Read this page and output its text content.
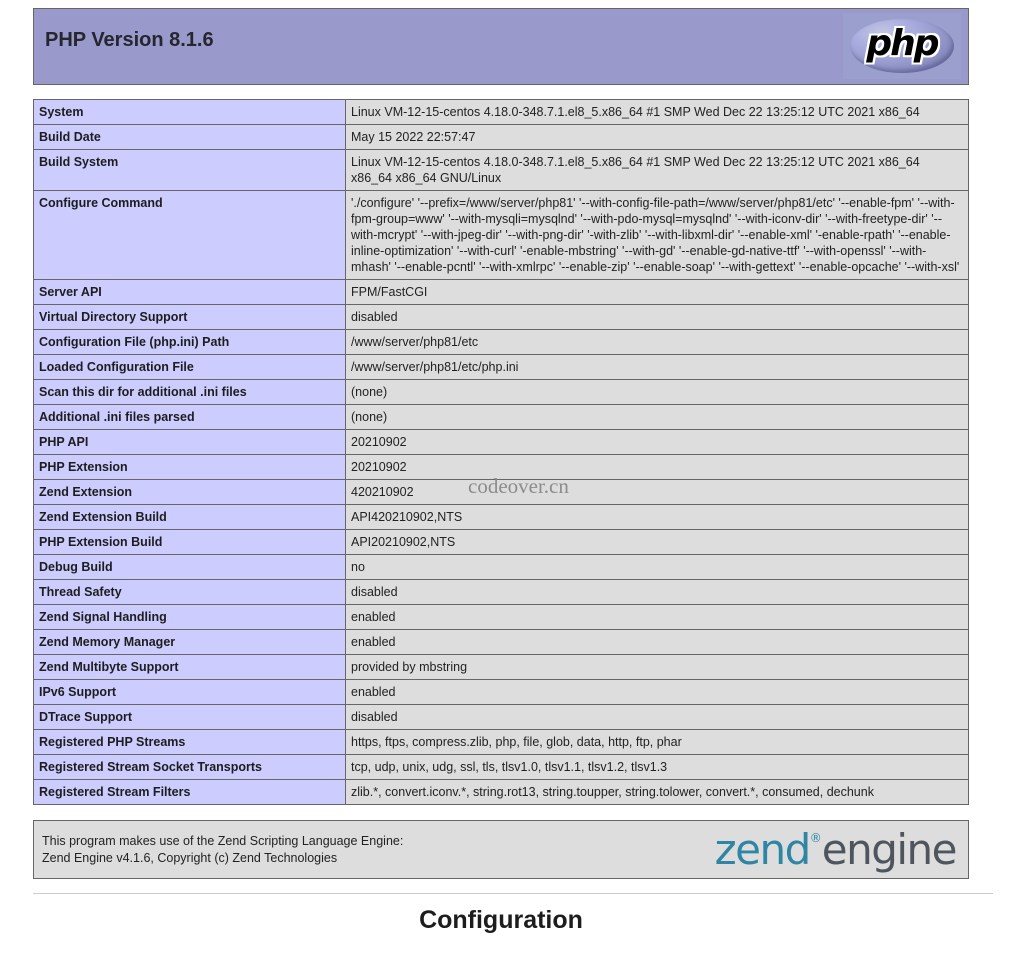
php
PHP Version 8.1.6
System	Linux VM-12-15-centos 4.18.0-348.7.1.el8_5.x86_64 #1 SMP Wed Dec 22 13:25:12 UTC 2021 x86_64
Build Date	May 15 2022 22:57:47
Build System	Linux VM-12-15-centos 4.18.0-348.7.1.el8_5.x86_64 #1 SMP Wed Dec 22 13:25:12 UTC 2021 x86_64 x86_64 x86_64 GNU/Linux
Configure Command	'./configure' '--prefix=/www/server/php81' '--with-config-file-path=/www/server/php81/etc' '--enable-fpm' '--with-fpm-group=www' '--with-mysqli=mysqlnd' '--with-pdo-mysql=mysqlnd' '--with-iconv-dir' '--with-freetype-dir' '--with-mcrypt' '--with-jpeg-dir' '--with-png-dir' '-with-zlib' '--with-libxml-dir' '--enable-xml' '-enable-rpath' '--enable-inline-optimization' '--with-curl' '-enable-mbstring' '--with-gd' '--enable-gd-native-ttf' '--with-openssl' '--with-mhash' '--enable-pcntl' '--with-xmlrpc' '--enable-zip' '--enable-soap' '--with-gettext' '--enable-opcache' '--with-xsl'
Server API	FPM/FastCGI
Virtual Directory Support	disabled
Configuration File (php.ini) Path	/www/server/php81/etc
Loaded Configuration File	/www/server/php81/etc/php.ini
Scan this dir for additional .ini files	(none)
Additional .ini files parsed	(none)
PHP API	20210902
PHP Extension	20210902
Zend Extension	420210902
Zend Extension Build	API420210902,NTS
PHP Extension Build	API20210902,NTS
Debug Build	no
Thread Safety	disabled
Zend Signal Handling	enabled
Zend Memory Manager	enabled
Zend Multibyte Support	provided by mbstring
IPv6 Support	enabled
DTrace Support	disabled
Registered PHP Streams	https, ftps, compress.zlib, php, file, glob, data, http, ftp, phar
Registered Stream Socket Transports	tcp, udp, unix, udg, ssl, tls, tlsv1.0, tlsv1.1, tlsv1.2, tlsv1.3
Registered Stream Filters	zlib.*, convert.iconv.*, string.rot13, string.toupper, string.tolower, convert.*, consumed, dechunk
This program makes use of the Zend Scripting Language Engine:
Zend Engine v4.1.6, Copyright (c) Zend Technologies	zend®engine
Configuration
codeover.cn
